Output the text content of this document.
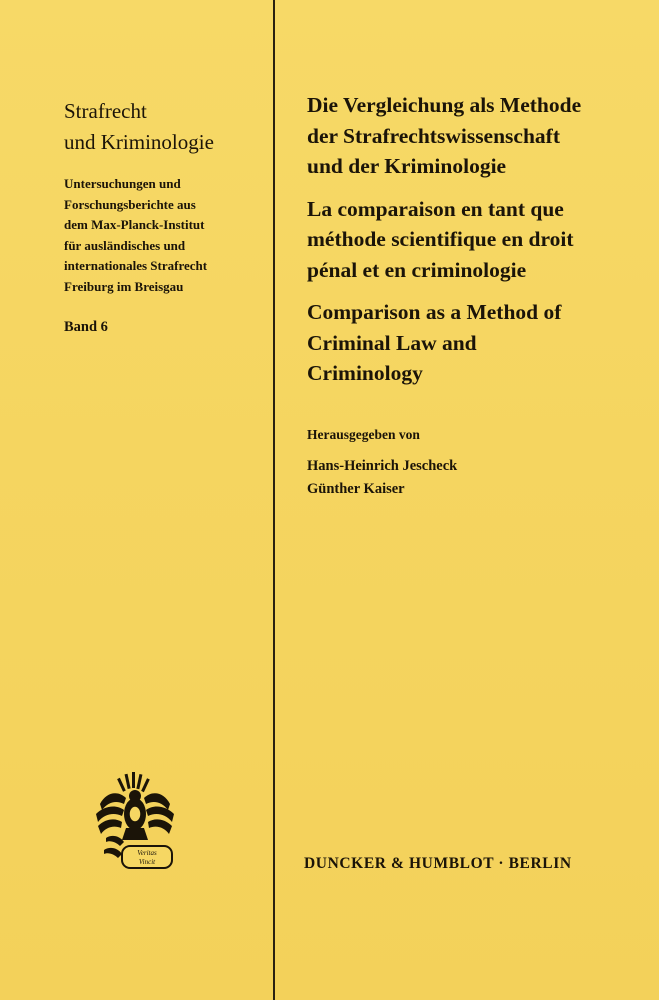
Strafrecht
und Kriminologie
Untersuchungen und
Forschungsberichte aus
dem Max-Planck-Institut
für ausländisches und
internationales Strafrecht
Freiburg im Breisgau
Band 6
Veritas
Vincit
Die Vergleichung als Methode
der Strafrechtswissenschaft
und der Kriminologie
La comparaison en tant que
méthode scientifique en droit
pénal et en criminologie
Comparison as a Method of
Criminal Law and
Criminology
Herausgegeben von
Hans-Heinrich Jescheck
Günther Kaiser
DUNCKER & HUMBLOT · BERLIN
